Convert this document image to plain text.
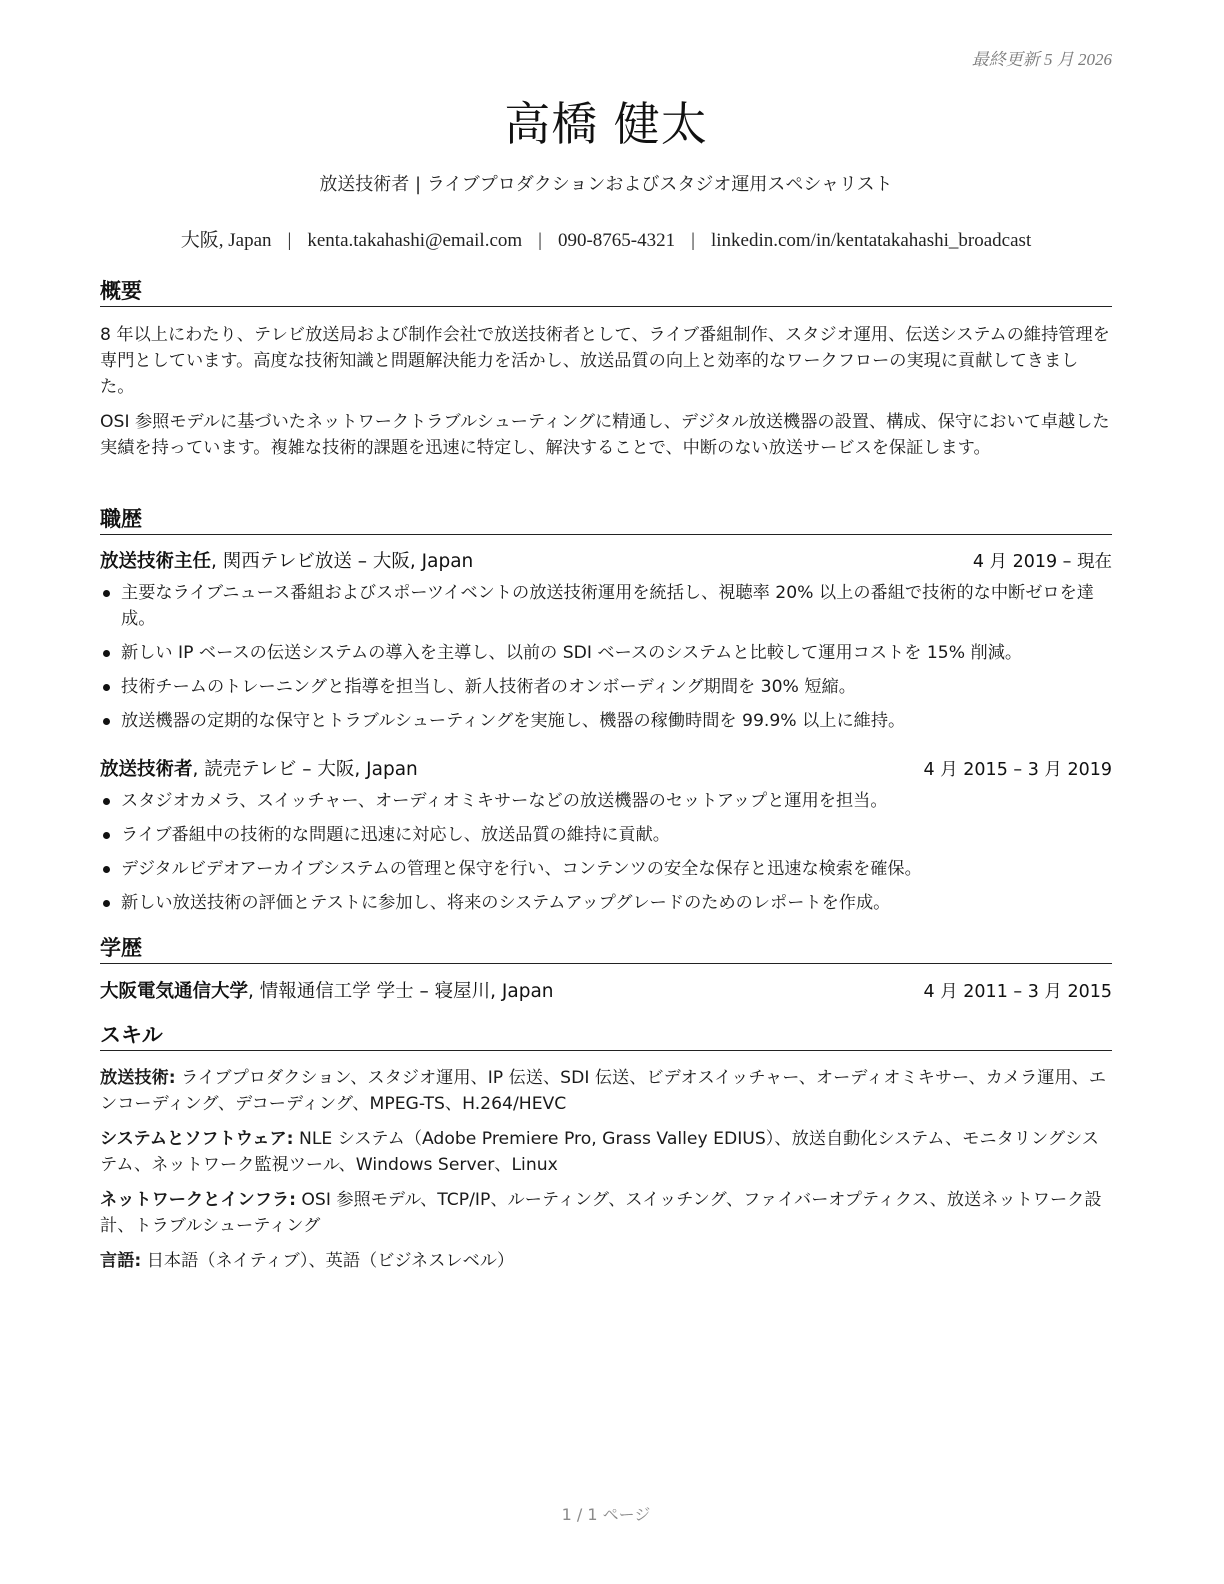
最終更新 5 月 2026
高橋 健太
放送技術者 | ライブプロダクションおよびスタジオ運用スペシャリスト
大阪, Japan | kenta.takahashi@email.com | 090-8765-4321 | linkedin.com/in/kentatakahashi_broadcast
概要
8 年以上にわたり、テレビ放送局および制作会社で放送技術者として、ライブ番組制作、スタジオ運用、伝送システムの維持管理を専門としています。高度な技術知識と問題解決能力を活かし、放送品質の向上と効率的なワークフローの実現に貢献してきました。
OSI 参照モデルに基づいたネットワークトラブルシューティングに精通し、デジタル放送機器の設置、構成、保守において卓越した実績を持っています。複雑な技術的課題を迅速に特定し、解決することで、中断のない放送サービスを保証します。
職歴
放送技術主任, 関西テレビ放送 – 大阪, Japan	4 月 2019 – 現在
主要なライブニュース番組およびスポーツイベントの放送技術運用を統括し、視聴率 20% 以上の番組で技術的な中断ゼロを達成。
新しい IP ベースの伝送システムの導入を主導し、以前の SDI ベースのシステムと比較して運用コストを 15% 削減。
技術チームのトレーニングと指導を担当し、新人技術者のオンボーディング期間を 30% 短縮。
放送機器の定期的な保守とトラブルシューティングを実施し、機器の稼働時間を 99.9% 以上に維持。
放送技術者, 読売テレビ – 大阪, Japan	4 月 2015 – 3 月 2019
スタジオカメラ、スイッチャー、オーディオミキサーなどの放送機器のセットアップと運用を担当。
ライブ番組中の技術的な問題に迅速に対応し、放送品質の維持に貢献。
デジタルビデオアーカイブシステムの管理と保守を行い、コンテンツの安全な保存と迅速な検索を確保。
新しい放送技術の評価とテストに参加し、将来のシステムアップグレードのためのレポートを作成。
学歴
大阪電気通信大学, 情報通信工学 学士 – 寝屋川, Japan	4 月 2011 – 3 月 2015
スキル
放送技術: ライブプロダクション、スタジオ運用、IP 伝送、SDI 伝送、ビデオスイッチャー、オーディオミキサー、カメラ運用、エンコーディング、デコーディング、MPEG-TS、H.264/HEVC
システムとソフトウェア: NLE システム（Adobe Premiere Pro, Grass Valley EDIUS）、放送自動化システム、モニタリングシステム、ネットワーク監視ツール、Windows Server、Linux
ネットワークとインフラ: OSI 参照モデル、TCP/IP、ルーティング、スイッチング、ファイバーオプティクス、放送ネットワーク設計、トラブルシューティング
言語: 日本語（ネイティブ）、英語（ビジネスレベル）
1 / 1 ページ
